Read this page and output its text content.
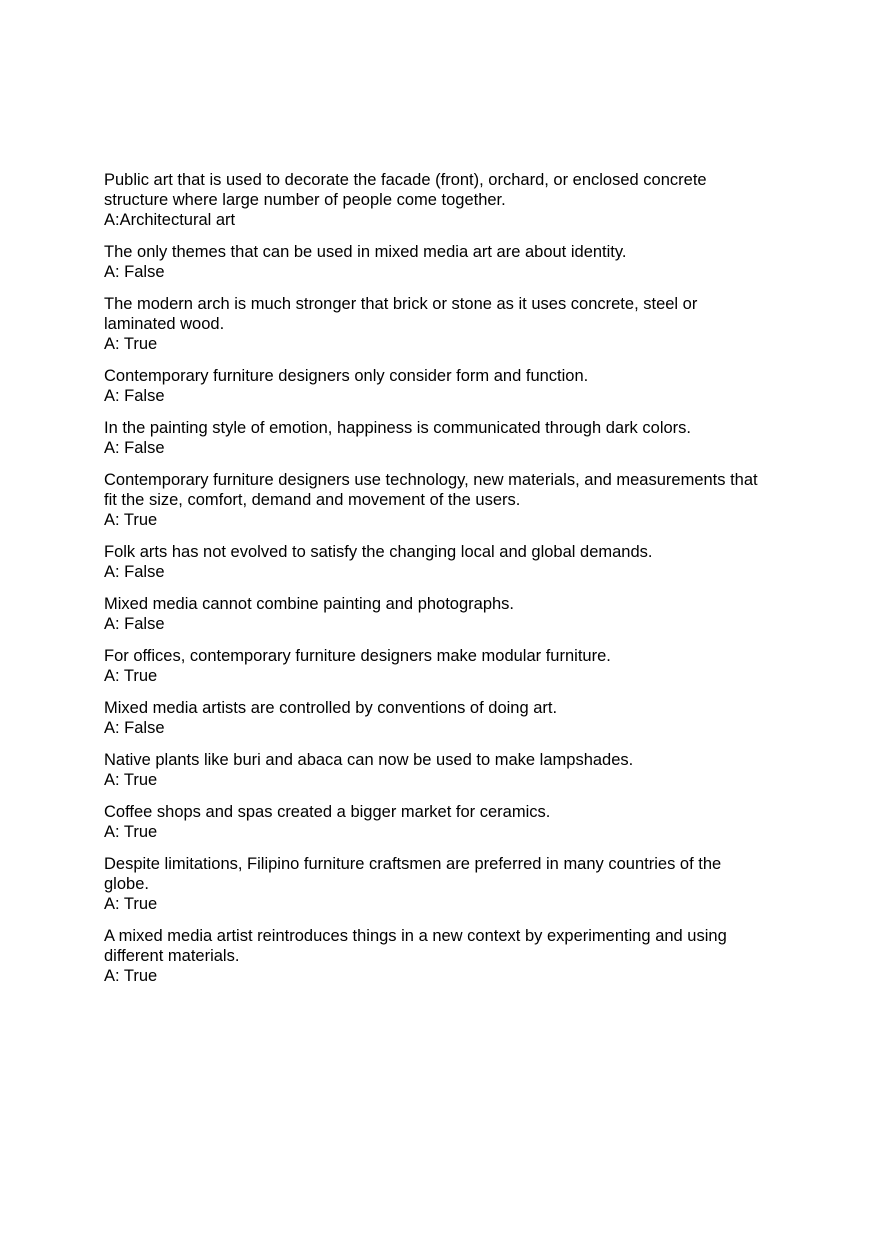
Public art that is used to decorate the facade (front), orchard, or enclosed concrete structure where large number of people come together.
A:Architectural art
The only themes that can be used in mixed media art are about identity.
A: False
The modern arch is much stronger that brick or stone as it uses concrete, steel or laminated wood.
A: True
Contemporary furniture designers only consider form and function.
A: False
In the painting style of emotion, happiness is communicated through dark colors.
A: False
Contemporary furniture designers use technology, new materials, and measurements that fit the size, comfort, demand and movement of the users.
A: True
Folk arts has not evolved to satisfy the changing local and global demands.
A: False
Mixed media cannot combine painting and photographs.
A: False
For offices, contemporary furniture designers make modular furniture.
A: True
Mixed media artists are controlled by conventions of doing art.
A: False
Native plants like buri and abaca can now be used to make lampshades.
A: True
Coffee shops and spas created a bigger market for ceramics.
A: True
Despite limitations, Filipino furniture craftsmen are preferred in many countries of the globe.
A: True
A mixed media artist reintroduces things in a new context by experimenting and using different materials.
A: True
